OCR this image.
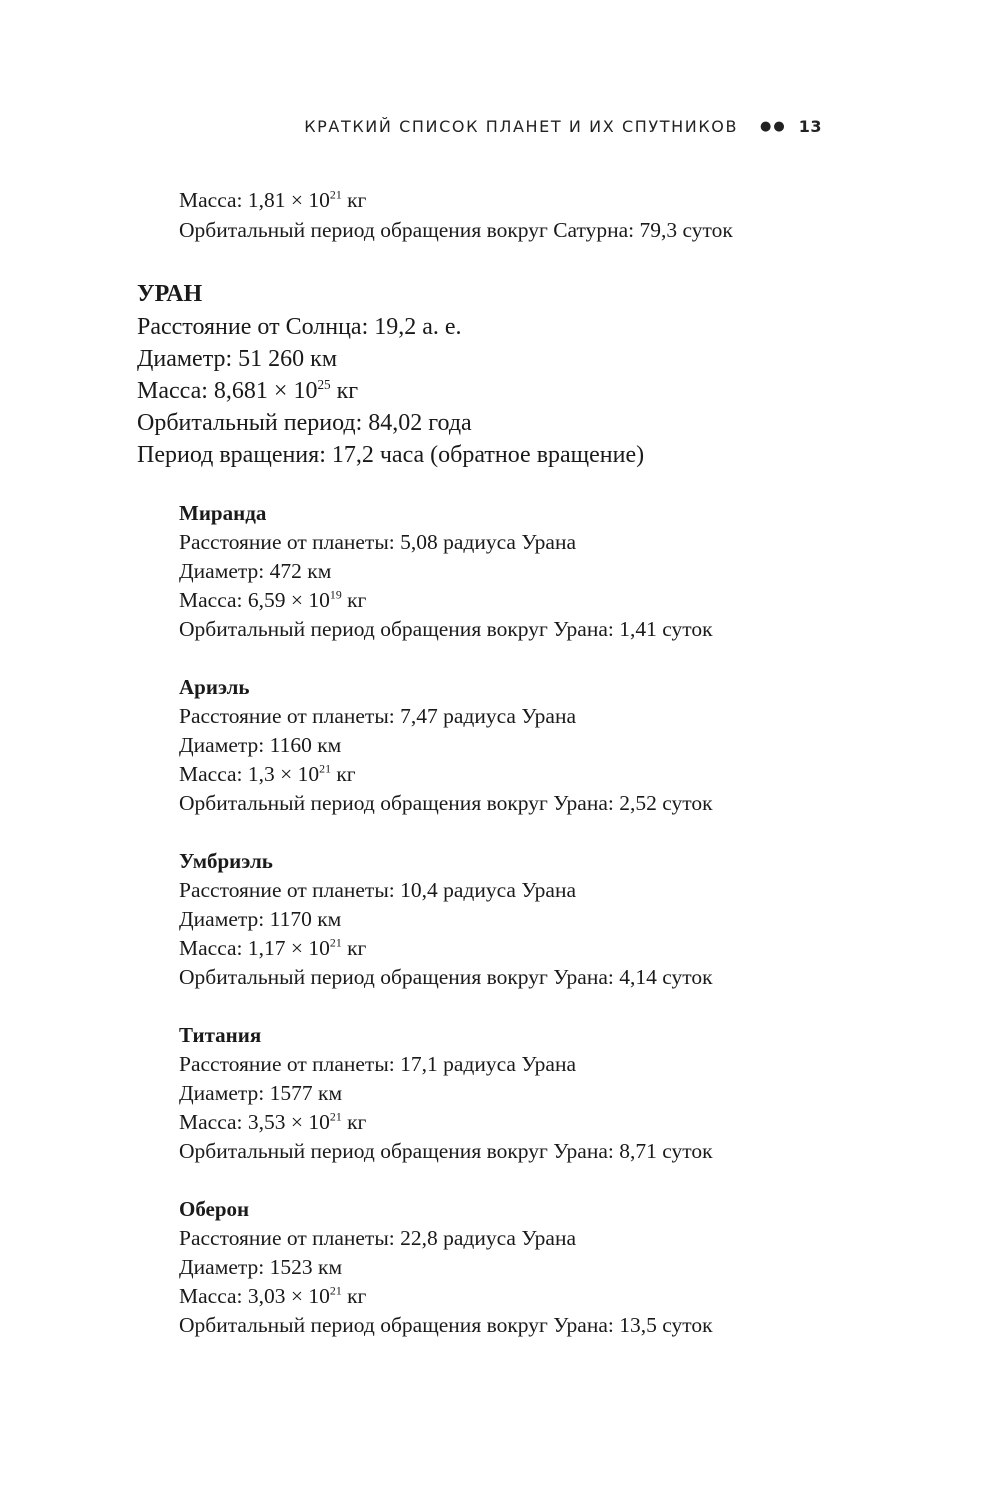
КРАТКИЙ СПИСОК ПЛАНЕТ И ИХ СПУТНИКОВ ●● 13
Масса: $1,81 \times 10^{21}$ кг
Орбитальный период обращения вокруг Сатурна: 79,3 суток
УРАН
Расстояние от Солнца: 19,2 а. е.
Диаметр: 51 260 км
Масса: $8,681 \times 10^{25}$ кг
Орбитальный период: 84,02 года
Период вращения: 17,2 часа (обратное вращение)
Миранда
Расстояние от планеты: 5,08 радиуса Урана
Диаметр: 472 км
Масса: $6,59 \times 10^{19}$ кг
Орбитальный период обращения вокруг Урана: 1,41 суток
Ариэль
Расстояние от планеты: 7,47 радиуса Урана
Диаметр: 1160 км
Масса: $1,3 \times 10^{21}$ кг
Орбитальный период обращения вокруг Урана: 2,52 суток
Умбриэль
Расстояние от планеты: 10,4 радиуса Урана
Диаметр: 1170 км
Масса: $1,17 \times 10^{21}$ кг
Орбитальный период обращения вокруг Урана: 4,14 суток
Титания
Расстояние от планеты: 17,1 радиуса Урана
Диаметр: 1577 км
Масса: $3,53 \times 10^{21}$ кг
Орбитальный период обращения вокруг Урана: 8,71 суток
Оберон
Расстояние от планеты: 22,8 радиуса Урана
Диаметр: 1523 км
Масса: $3,03 \times 10^{21}$ кг
Орбитальный период обращения вокруг Урана: 13,5 суток
